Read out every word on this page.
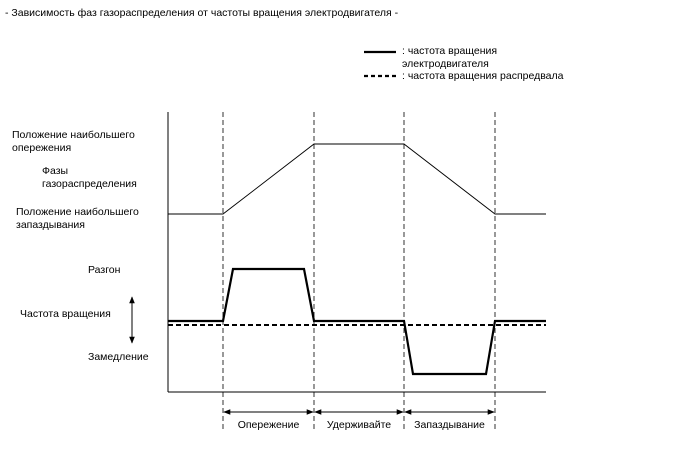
- Зависимость фаз газораспределения от частоты вращения электродвигателя -
: частота вращения электродвигателя
: частота вращения распредвала
Положение наибольшего опережения
Фазы газораспределения
Положение наибольшего запаздывания
Разгон
Частота вращения
Замедление
Опережение	Удерживайте	Запаздывание
